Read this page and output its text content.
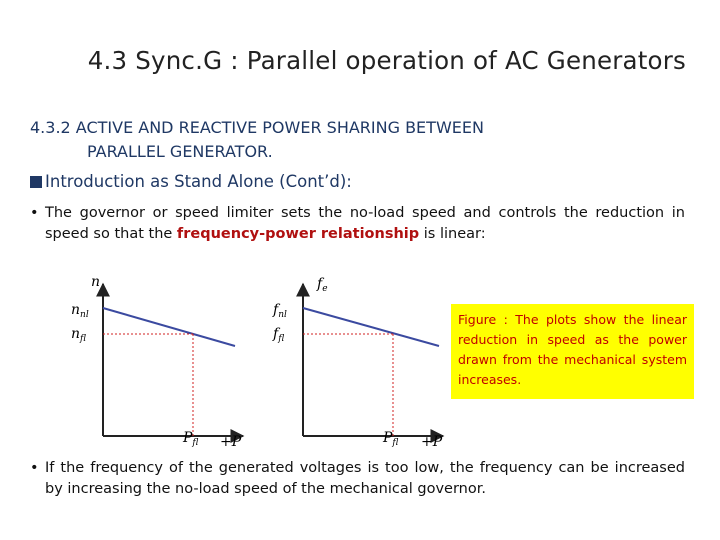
4.3 Sync.G : Parallel operation of AC Generators
4.3.2 ACTIVE AND REACTIVE POWER SHARING BETWEEN
PARALLEL GENERATOR.
Introduction as Stand Alone (Cont’d):
• The governor or speed limiter sets the no-load speed and controls the reduction in speed so that the frequency-power relationship is linear:
n
$n_{nl}$
$n_{fl}$
$P_{fl} +P$
$f_e$
$f_{nl}$
$f_{fl}$
$P_{fl} +P$
Figure : The plots show the linear reduction in speed as the power drawn from the mechanical system increases.
• If the frequency of the generated voltages is too low, the frequency can be increased by increasing the no-load speed of the mechanical governor.
